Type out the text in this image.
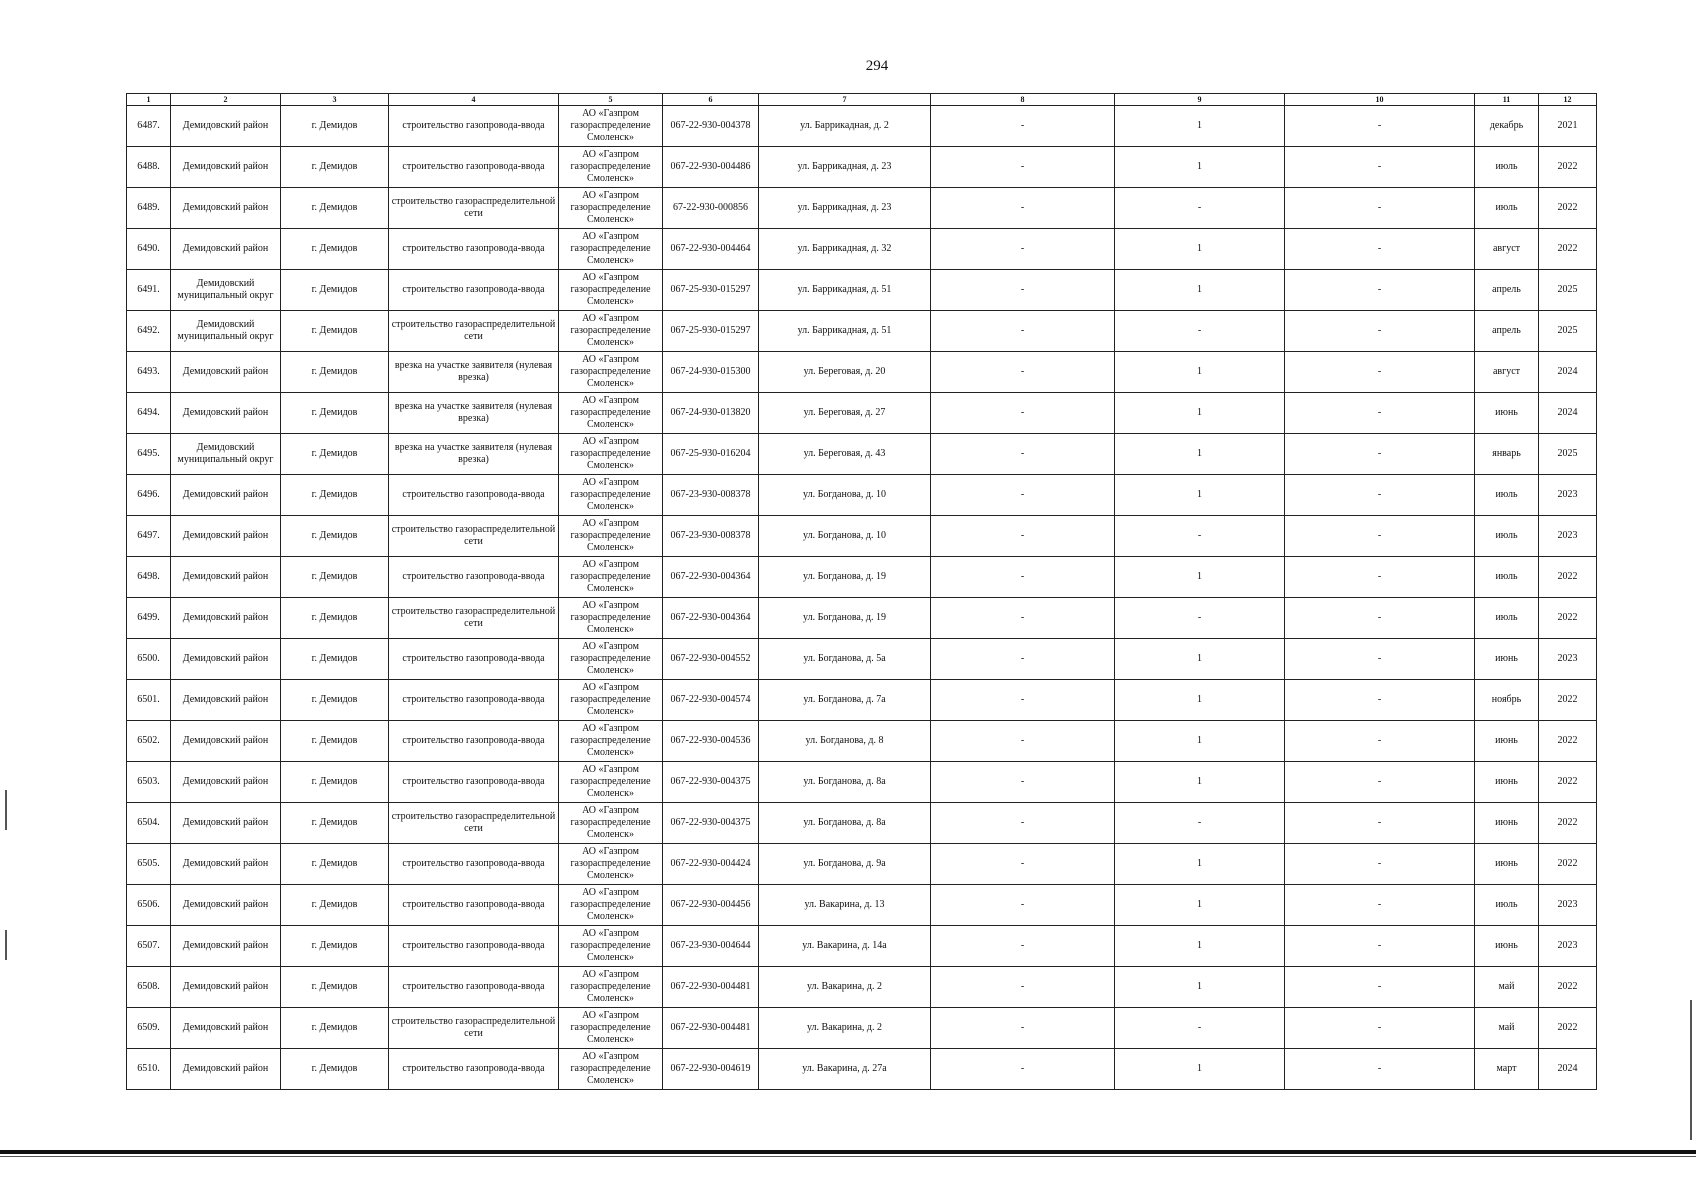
294
1	2	3	4	5	6	7	8	9	10	11	12
6487.	Демидовский район	г. Демидов	строительство газопровода-ввода	АО «Газпром газораспределение Смоленск»	067-22-930-004378	ул. Баррикадная, д. 2	-	1	-	декабрь	2021
6488.	Демидовский район	г. Демидов	строительство газопровода-ввода	АО «Газпром газораспределение Смоленск»	067-22-930-004486	ул. Баррикадная, д. 23	-	1	-	июль	2022
6489.	Демидовский район	г. Демидов	строительство газораспределительной сети	АО «Газпром газораспределение Смоленск»	67-22-930-000856	ул. Баррикадная, д. 23	-	-	-	июль	2022
6490.	Демидовский район	г. Демидов	строительство газопровода-ввода	АО «Газпром газораспределение Смоленск»	067-22-930-004464	ул. Баррикадная, д. 32	-	1	-	август	2022
6491.	Демидовский муниципальный округ	г. Демидов	строительство газопровода-ввода	АО «Газпром газораспределение Смоленск»	067-25-930-015297	ул. Баррикадная, д. 51	-	1	-	апрель	2025
6492.	Демидовский муниципальный округ	г. Демидов	строительство газораспределительной сети	АО «Газпром газораспределение Смоленск»	067-25-930-015297	ул. Баррикадная, д. 51	-	-	-	апрель	2025
6493.	Демидовский район	г. Демидов	врезка на участке заявителя (нулевая врезка)	АО «Газпром газораспределение Смоленск»	067-24-930-015300	ул. Береговая, д. 20	-	1	-	август	2024
6494.	Демидовский район	г. Демидов	врезка на участке заявителя (нулевая врезка)	АО «Газпром газораспределение Смоленск»	067-24-930-013820	ул. Береговая, д. 27	-	1	-	июнь	2024
6495.	Демидовский муниципальный округ	г. Демидов	врезка на участке заявителя (нулевая врезка)	АО «Газпром газораспределение Смоленск»	067-25-930-016204	ул. Береговая, д. 43	-	1	-	январь	2025
6496.	Демидовский район	г. Демидов	строительство газопровода-ввода	АО «Газпром газораспределение Смоленск»	067-23-930-008378	ул. Богданова, д. 10	-	1	-	июль	2023
6497.	Демидовский район	г. Демидов	строительство газораспределительной сети	АО «Газпром газораспределение Смоленск»	067-23-930-008378	ул. Богданова, д. 10	-	-	-	июль	2023
6498.	Демидовский район	г. Демидов	строительство газопровода-ввода	АО «Газпром газораспределение Смоленск»	067-22-930-004364	ул. Богданова, д. 19	-	1	-	июль	2022
6499.	Демидовский район	г. Демидов	строительство газораспределительной сети	АО «Газпром газораспределение Смоленск»	067-22-930-004364	ул. Богданова, д. 19	-	-	-	июль	2022
6500.	Демидовский район	г. Демидов	строительство газопровода-ввода	АО «Газпром газораспределение Смоленск»	067-22-930-004552	ул. Богданова, д. 5а	-	1	-	июнь	2023
6501.	Демидовский район	г. Демидов	строительство газопровода-ввода	АО «Газпром газораспределение Смоленск»	067-22-930-004574	ул. Богданова, д. 7а	-	1	-	ноябрь	2022
6502.	Демидовский район	г. Демидов	строительство газопровода-ввода	АО «Газпром газораспределение Смоленск»	067-22-930-004536	ул. Богданова, д. 8	-	1	-	июнь	2022
6503.	Демидовский район	г. Демидов	строительство газопровода-ввода	АО «Газпром газораспределение Смоленск»	067-22-930-004375	ул. Богданова, д. 8а	-	1	-	июнь	2022
6504.	Демидовский район	г. Демидов	строительство газораспределительной сети	АО «Газпром газораспределение Смоленск»	067-22-930-004375	ул. Богданова, д. 8а	-	-	-	июнь	2022
6505.	Демидовский район	г. Демидов	строительство газопровода-ввода	АО «Газпром газораспределение Смоленск»	067-22-930-004424	ул. Богданова, д. 9а	-	1	-	июнь	2022
6506.	Демидовский район	г. Демидов	строительство газопровода-ввода	АО «Газпром газораспределение Смоленск»	067-22-930-004456	ул. Вакарина, д. 13	-	1	-	июль	2023
6507.	Демидовский район	г. Демидов	строительство газопровода-ввода	АО «Газпром газораспределение Смоленск»	067-23-930-004644	ул. Вакарина, д. 14а	-	1	-	июнь	2023
6508.	Демидовский район	г. Демидов	строительство газопровода-ввода	АО «Газпром газораспределение Смоленск»	067-22-930-004481	ул. Вакарина, д. 2	-	1	-	май	2022
6509.	Демидовский район	г. Демидов	строительство газораспределительной сети	АО «Газпром газораспределение Смоленск»	067-22-930-004481	ул. Вакарина, д. 2	-	-	-	май	2022
6510.	Демидовский район	г. Демидов	строительство газопровода-ввода	АО «Газпром газораспределение Смоленск»	067-22-930-004619	ул. Вакарина, д. 27а	-	1	-	март	2024
